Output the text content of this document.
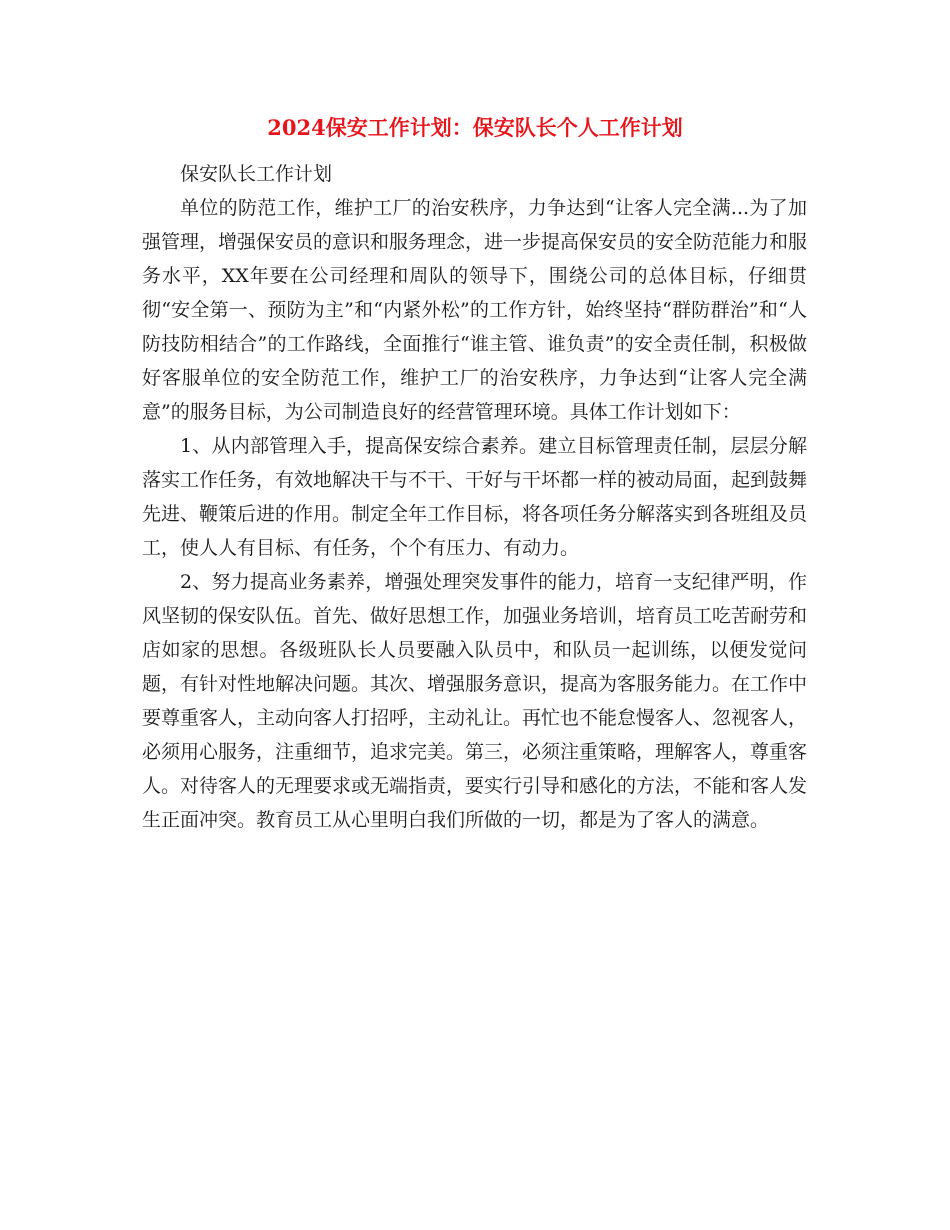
2024保安工作计划：保安队长个人工作计划

保安队长工作计划

单位的防范工作，维护工厂的治安秩序，力争达到“让客人完全满...为了加强管理，增强保安员的意识和服务理念，进一步提高保安员的安全防范能力和服务水平，XX年要在公司经理和周队的领导下，围绕公司的总体目标，仔细贯彻“安全第一、预防为主”和“内紧外松”的工作方针，始终坚持“群防群治”和“人防技防相结合”的工作路线，全面推行“谁主管、谁负责”的安全责任制，积极做好客服单位的安全防范工作，维护工厂的治安秩序，力争达到“让客人完全满意”的服务目标，为公司制造良好的经营管理环境。具体工作计划如下：

1、从内部管理入手，提高保安综合素养。建立目标管理责任制，层层分解落实工作任务，有效地解决干与不干、干好与干坏都一样的被动局面，起到鼓舞先进、鞭策后进的作用。制定全年工作目标，将各项任务分解落实到各班组及员工，使人人有目标、有任务，个个有压力、有动力。

2、努力提高业务素养，增强处理突发事件的能力，培育一支纪律严明，作风坚韧的保安队伍。首先、做好思想工作，加强业务培训，培育员工吃苦耐劳和店如家的思想。各级班队长人员要融入队员中，和队员一起训练，以便发觉问题，有针对性地解决问题。其次、增强服务意识，提高为客服务能力。在工作中要尊重客人，主动向客人打招呼，主动礼让。再忙也不能怠慢客人、忽视客人，必须用心服务，注重细节，追求完美。第三，必须注重策略，理解客人，尊重客人。对待客人的无理要求或无端指责，要实行引导和感化的方法，不能和客人发生正面冲突。教育员工从心里明白我们所做的一切，都是为了客人的满意。
